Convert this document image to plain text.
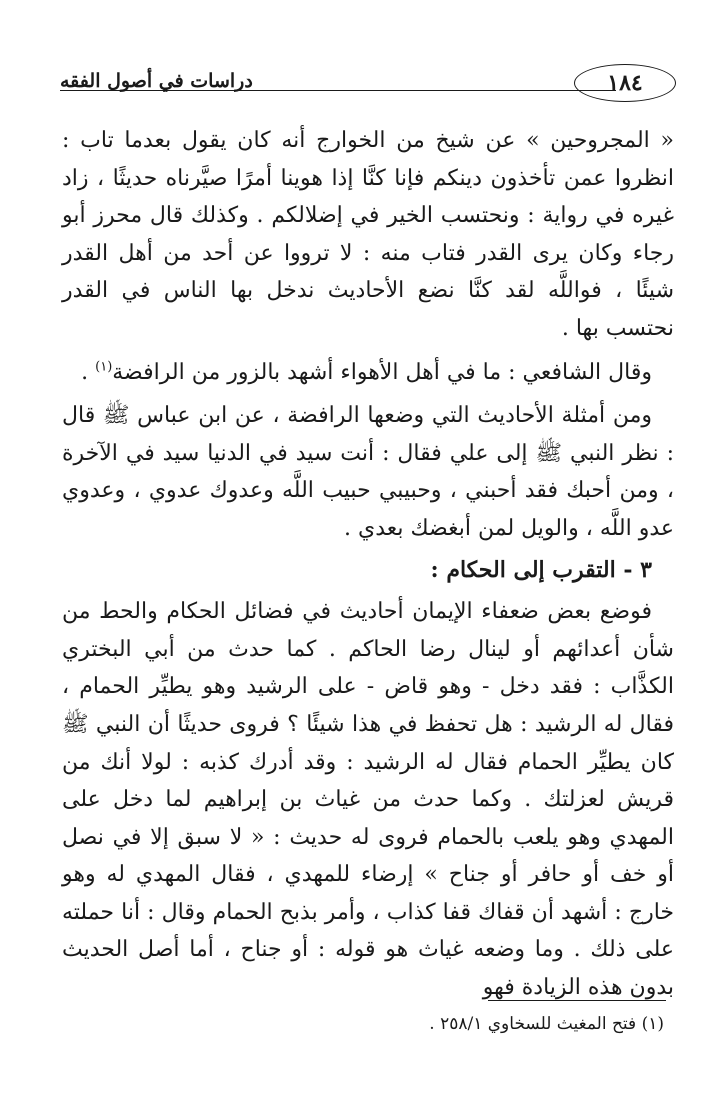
١٨٤
دراسات في أصول الفقه

« المجروحين » عن شيخ من الخوارج أنه كان يقول بعدما تاب : انظروا عمن تأخذون دينكم فإنا كنَّا إذا هوينا أمرًا صيَّرناه حديثًا ، زاد غيره في رواية : ونحتسب الخير في إضلالكم . وكذلك قال محرز أبو رجاء وكان يرى القدر فتاب منه : لا ترووا عن أحد من أهل القدر شيئًا ، فواللَّه لقد كنَّا نضع الأحاديث ندخل بها الناس في القدر نحتسب بها .

وقال الشافعي : ما في أهل الأهواء أشهد بالزور من الرافضة$^{(١)}$ .

ومن أمثلة الأحاديث التي وضعها الرافضة ، عن ابن عباس ﷺ قال : نظر النبي ﷺ إلى علي فقال : أنت سيد في الدنيا سيد في الآخرة ، ومن أحبك فقد أحبني ، وحبيبي حبيب اللَّه وعدوك عدوي ، وعدوي عدو اللَّه ، والويل لمن أبغضك بعدي .

٣ - التقرب إلى الحكام :

فوضع بعض ضعفاء الإيمان أحاديث في فضائل الحكام والحط من شأن أعدائهم أو لينال رضا الحاكم . كما حدث من أبي البختري الكذَّاب : فقد دخل - وهو قاض - على الرشيد وهو يطيِّر الحمام ، فقال له الرشيد : هل تحفظ في هذا شيئًا ؟ فروى حديثًا أن النبي ﷺ كان يطيِّر الحمام فقال له الرشيد : وقد أدرك كذبه : لولا أنك من قريش لعزلتك . وكما حدث من غياث بن إبراهيم لما دخل على المهدي وهو يلعب بالحمام فروى له حديث : « لا سبق إلا في نصل أو خف أو حافر أو جناح » إرضاء للمهدي ، فقال المهدي له وهو خارج : أشهد أن قفاك قفا كذاب ، وأمر بذبح الحمام وقال : أنا حملته على ذلك . وما وضعه غياث هو قوله : أو جناح ، أما أصل الحديث بدون هذه الزيادة فهو

(١) فتح المغيث للسخاوي ٢٥٨/١ .
